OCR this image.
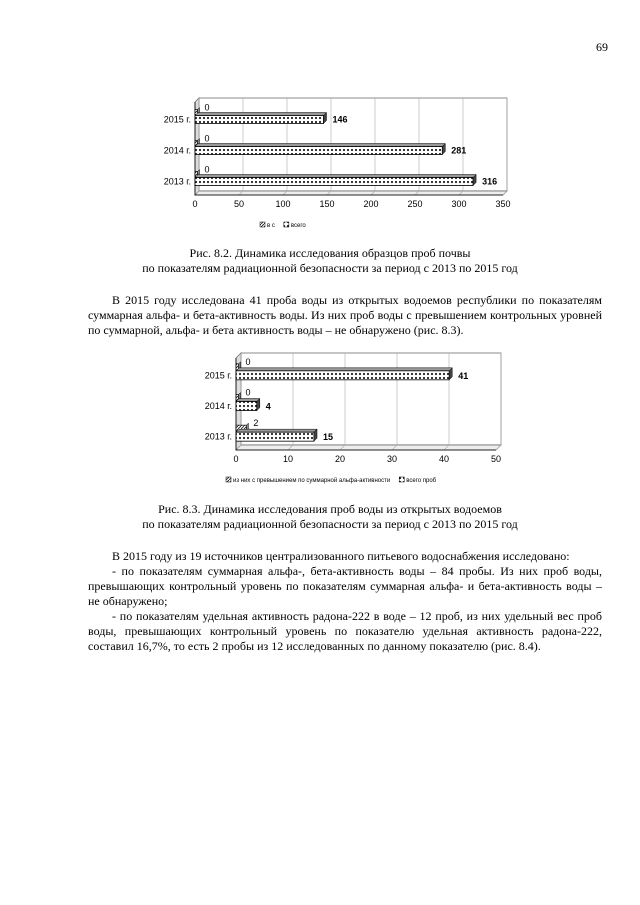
69
0	50	100	150	200	250	300	350
2015 г.
0
146
2014 г.
0
281
2013 г.
0
316
в с	всего
Рис. 8.2. Динамика исследования образцов проб почвы
по показателям радиационной безопасности за период с 2013 по 2015 год
В 2015 году исследована 41 проба воды из открытых водоемов республики по показателям суммарная альфа- и бета-активность воды. Из них проб воды с превышением контрольных уровней по суммарной, альфа- и бета активность воды – не обнаружено (рис. 8.3).
0	10	20	30	40	50
2015 г.
0
41
2014 г.
0
4
2013 г.
2
15
из них с превышением по суммарной альфа-активности	всего проб
Рис. 8.3. Динамика исследования проб воды из открытых водоемов
по показателям радиационной безопасности за период с 2013 по 2015 год

В 2015 году из 19 источников централизованного питьевого водоснабжения исследовано:

- по показателям суммарная альфа-, бета-активность воды – 84 пробы. Из них проб воды, превышающих контрольный уровень по показателям суммарная альфа- и бета-активность воды – не обнаружено;

- по показателям удельная активность радона-222 в воде – 12 проб, из них удельный вес проб воды, превышающих контрольный уровень по показателю удельная активность радона-222, составил 16,7%, то есть 2 пробы из 12 исследованных по данному показателю (рис. 8.4).
